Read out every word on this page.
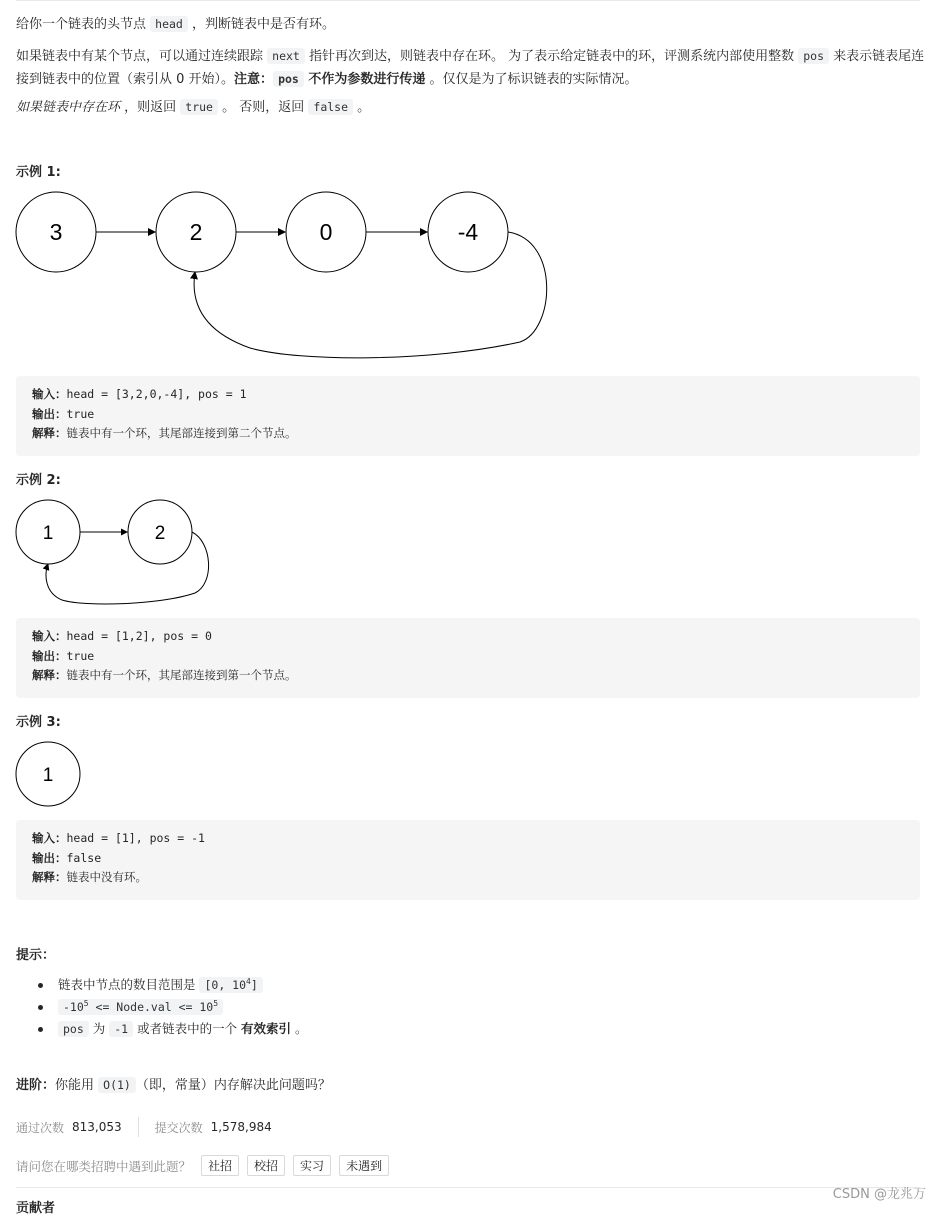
给你一个链表的头节点 head ，判断链表中是否有环。
如果链表中有某个节点，可以通过连续跟踪 next 指针再次到达，则链表中存在环。 为了表示给定链表中的环，评测系统内部使用整数 pos 来表示链表尾连接到链表中的位置（索引从 0 开始）。注意： pos 不作为参数进行传递 。仅仅是为了标识链表的实际情况。
如果链表中存在环 ，则返回 true 。 否则，返回 false 。
示例 1:
3	2	0	-4
输入：head = [3,2,0,-4], pos = 1
输出：true
解释：链表中有一个环，其尾部连接到第二个节点。
示例 2:
1	2
输入：head = [1,2], pos = 0
输出：true
解释：链表中有一个环，其尾部连接到第一个节点。
示例 3:
1
输入：head = [1], pos = -1
输出：false
解释：链表中没有环。
提示：
链表中节点的数目范围是 [0, $10^4$]
$-10^5$ <= Node.val <= $10^5$
pos 为 -1 或者链表中的一个 有效索引 。
进阶：你能用 O(1) （即，常量）内存解决此问题吗？
通过次数 813,053	提交次数 1,578,984
请问您在哪类招聘中遇到此题？	社招	校招	实习	未遇到
贡献者
CSDN @龙兆万
